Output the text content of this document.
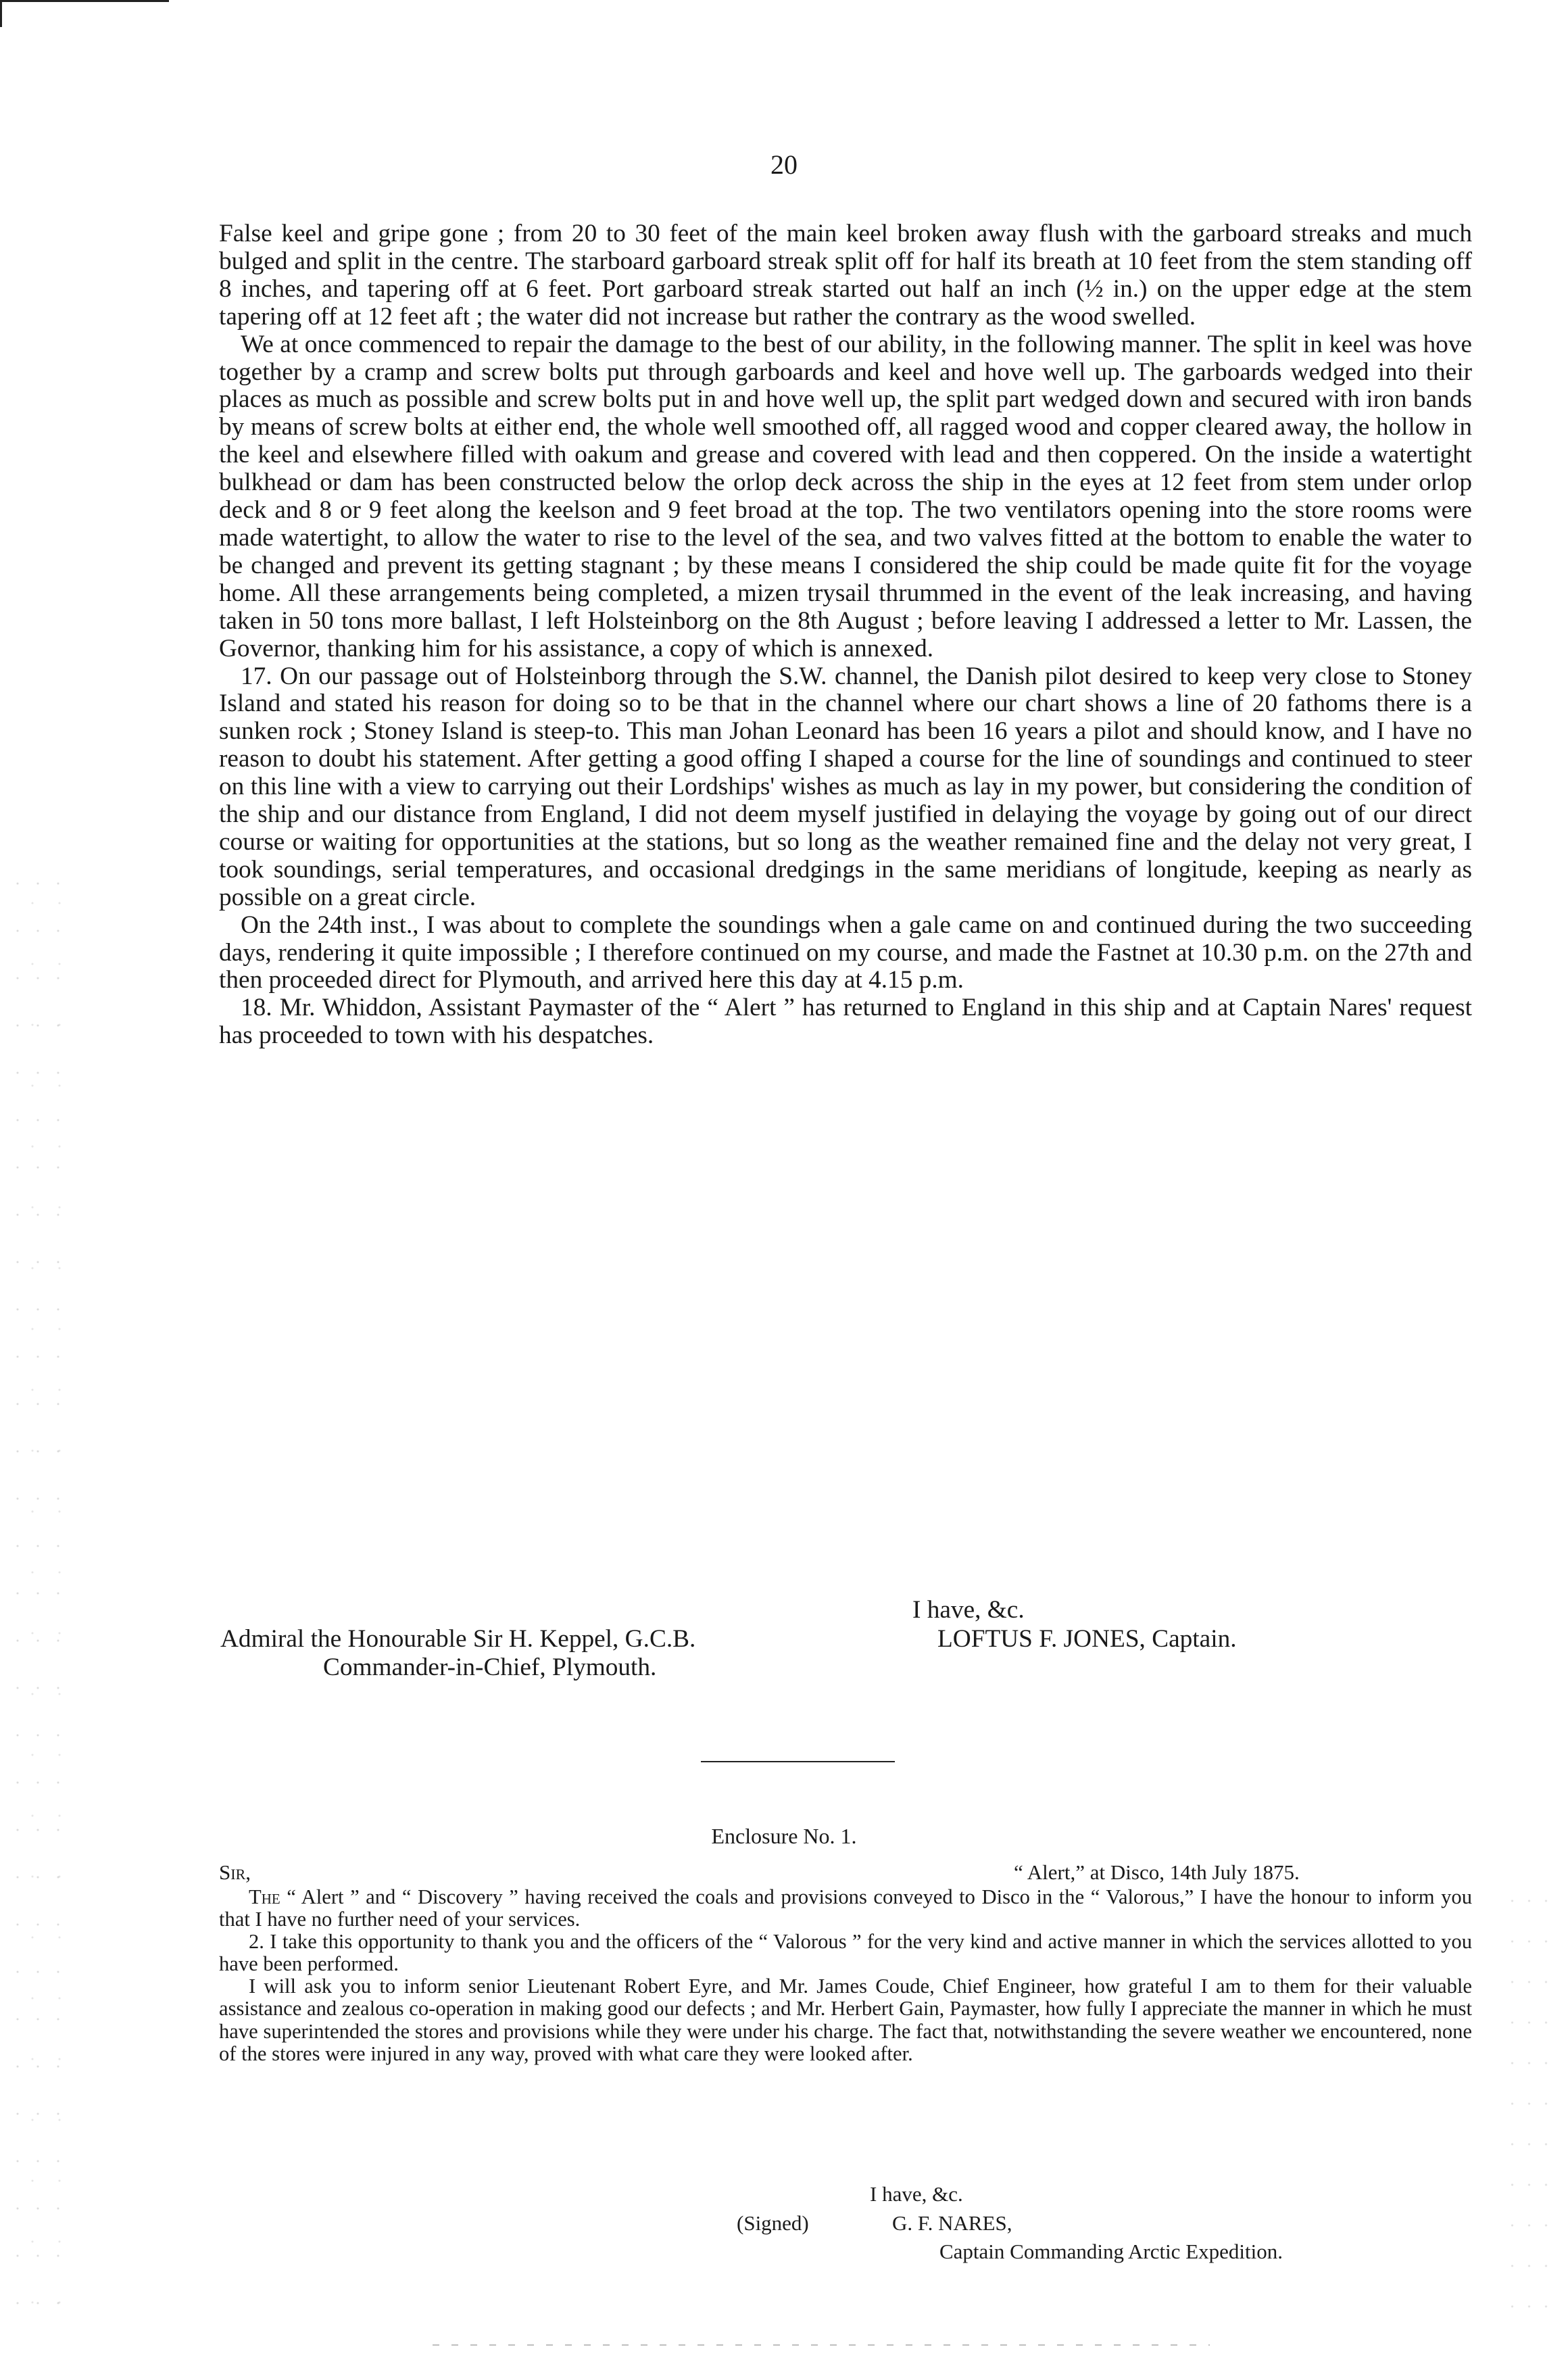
20

False keel and gripe gone ; from 20 to 30 feet of the main keel broken away flush with the garboard streaks and much bulged and split in the centre. The starboard garboard streak split off for half its breath at 10 feet from the stem standing off 8 inches, and tapering off at 6 feet. Port garboard streak started out half an inch (½ in.) on the upper edge at the stem tapering off at 12 feet aft ; the water did not increase but rather the contrary as the wood swelled.

We at once commenced to repair the damage to the best of our ability, in the following manner. The split in keel was hove together by a cramp and screw bolts put through garboards and keel and hove well up. The garboards wedged into their places as much as possible and screw bolts put in and hove well up, the split part wedged down and secured with iron bands by means of screw bolts at either end, the whole well smoothed off, all ragged wood and copper cleared away, the hollow in the keel and elsewhere filled with oakum and grease and covered with lead and then coppered. On the inside a watertight bulkhead or dam has been constructed below the orlop deck across the ship in the eyes at 12 feet from stem under orlop deck and 8 or 9 feet along the keelson and 9 feet broad at the top. The two ventilators opening into the store rooms were made watertight, to allow the water to rise to the level of the sea, and two valves fitted at the bottom to enable the water to be changed and prevent its getting stagnant ; by these means I considered the ship could be made quite fit for the voyage home. All these arrangements being completed, a mizen trysail thrummed in the event of the leak increasing, and having taken in 50 tons more ballast, I left Holsteinborg on the 8th August ; before leaving I addressed a letter to Mr. Lassen, the Governor, thanking him for his assistance, a copy of which is annexed.

17. On our passage out of Holsteinborg through the S.W. channel, the Danish pilot desired to keep very close to Stoney Island and stated his reason for doing so to be that in the channel where our chart shows a line of 20 fathoms there is a sunken rock ; Stoney Island is steep-to. This man Johan Leonard has been 16 years a pilot and should know, and I have no reason to doubt his statement. After getting a good offing I shaped a course for the line of soundings and continued to steer on this line with a view to carrying out their Lordships' wishes as much as lay in my power, but considering the condition of the ship and our distance from England, I did not deem myself justified in delaying the voyage by going out of our direct course or waiting for opportunities at the stations, but so long as the weather remained fine and the delay not very great, I took soundings, serial temperatures, and occasional dredgings in the same meridians of longitude, keeping as nearly as possible on a great circle.

On the 24th inst., I was about to complete the soundings when a gale came on and continued during the two succeeding days, rendering it quite impossible ; I therefore continued on my course, and made the Fastnet at 10.30 p.m. on the 27th and then proceeded direct for Plymouth, and arrived here this day at 4.15 p.m.

18. Mr. Whiddon, Assistant Paymaster of the “ Alert ” has returned to England in this ship and at Captain Nares' request has proceeded to town with his despatches.

I have, &c.
Admiral the Honourable Sir H. Keppel, G.C.B.	LOFTUS F. JONES, Captain.
Commander-in-Chief, Plymouth.
Enclosure No. 1.
Sir,	“ Alert,” at Disco, 14th July 1875.

The “ Alert ” and “ Discovery ” having received the coals and provisions conveyed to Disco in the “ Valorous,” I have the honour to inform you that I have no further need of your services.

2. I take this opportunity to thank you and the officers of the “ Valorous ” for the very kind and active manner in which the services allotted to you have been performed.

I will ask you to inform senior Lieutenant Robert Eyre, and Mr. James Coude, Chief Engineer, how grateful I am to them for their valuable assistance and zealous co-operation in making good our defects ; and Mr. Herbert Gain, Paymaster, how fully I appreciate the manner in which he must have superintended the stores and provisions while they were under his charge. The fact that, notwithstanding the severe weather we encountered, none of the stores were injured in any way, proved with what care they were looked after.

I have, &c.
(Signed)	G. F. NARES,
Captain Commanding Arctic Expedition.
